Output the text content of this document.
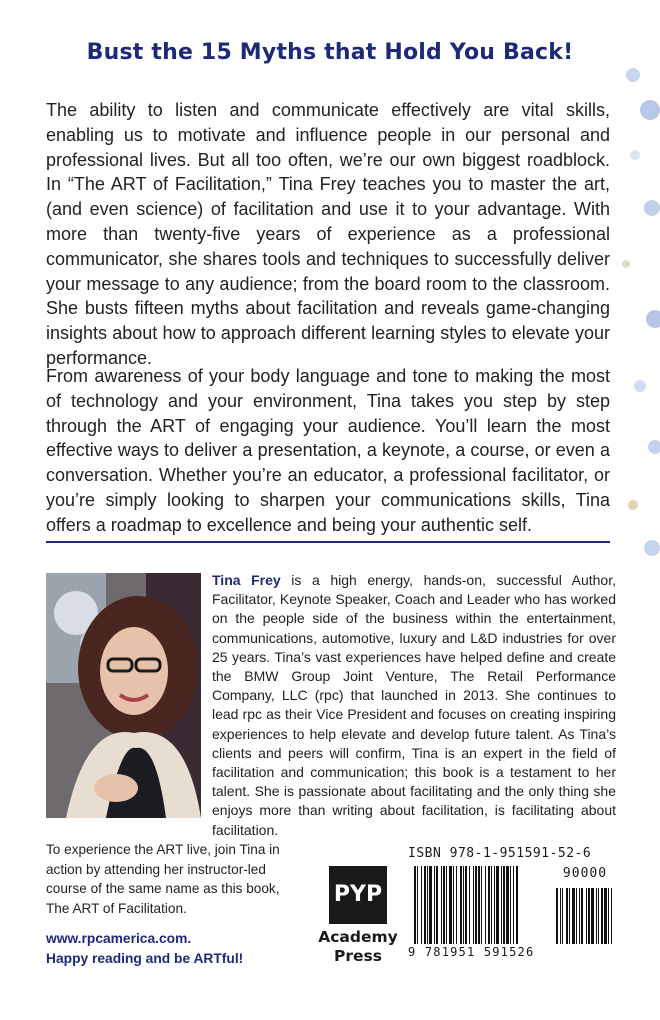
Bust the 15 Myths that Hold You Back!
The ability to listen and communicate effectively are vital skills, enabling us to motivate and influence people in our personal and professional lives. But all too often, we’re our own biggest roadblock. In “The ART of Facilitation,” Tina Frey teaches you to master the art, (and even science) of facilitation and use it to your advantage. With more than twenty-five years of experience as a professional communicator, she shares tools and techniques to successfully deliver your message to any audience; from the board room to the classroom. She busts fifteen myths about facilitation and reveals game-changing insights about how to approach different learning styles to elevate your performance.
From awareness of your body language and tone to making the most of technology and your environment, Tina takes you step by step through the ART of engaging your audience. You’ll learn the most effective ways to deliver a presentation, a keynote, a course, or even a conversation. Whether you’re an educator, a professional facilitator, or you’re simply looking to sharpen your communications skills, Tina offers a roadmap to excellence and being your authentic self.
Tina Frey is a high energy, hands-on, successful Author, Facilitator, Keynote Speaker, Coach and Leader who has worked on the people side of the business within the entertainment, communications, automotive, luxury and L&D industries for over 25 years. Tina’s vast experiences have helped define and create the BMW Group Joint Venture, The Retail Performance Company, LLC (rpc) that launched in 2013. She continues to lead rpc as their Vice President and focuses on creating inspiring experiences to help elevate and develop future talent. As Tina’s clients and peers will confirm, Tina is an expert in the field of facilitation and communication; this book is a testament to her talent. She is passionate about facilitating and the only thing she enjoys more than writing about facilitation, is facilitating about facilitation.
To experience the ART live, join Tina in action by attending her instructor-led course of the same name as this book, The ART of Facilitation.
www.rpcamerica.com.
Happy reading and be ARTful!
PYP
Academy
Press
ISBN 978-1-951591-52-6
90000
9 781951 591526
